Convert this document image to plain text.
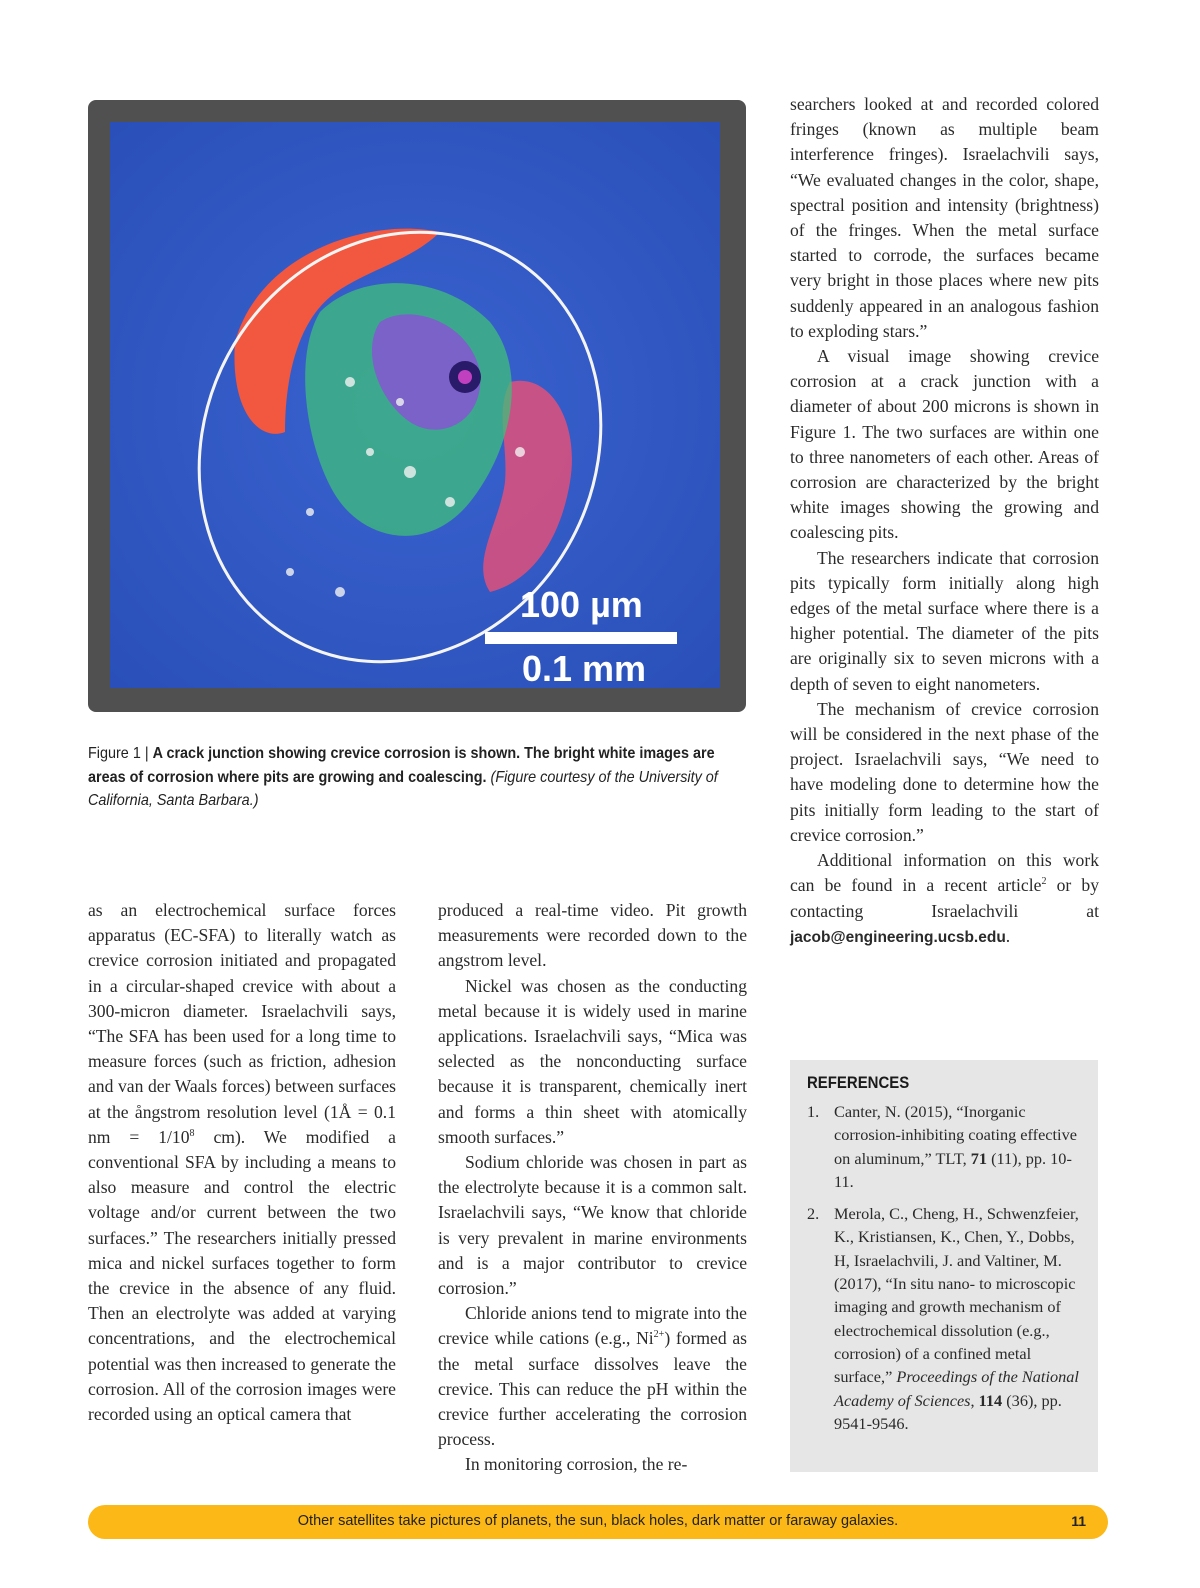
100 µm
0.1 mm
Figure 1 | A crack junction showing crevice corrosion is shown. The bright white images are areas of corrosion where pits are growing and coalescing. (Figure courtesy of the University of California, Santa Barbara.)

as an electrochemical surface forces apparatus (EC-SFA) to literally watch as crevice corrosion initiated and propagated in a circular-shaped crevice with about a 300-micron diameter. Israelachvili says, “The SFA has been used for a long time to measure forces (such as friction, adhesion and van der Waals forces) between surfaces at the ångstrom resolution level (1Å = 0.1 nm = $1/10^8$ cm). We modified a conventional SFA by including a means to also measure and control the electric voltage and/or current between the two surfaces.” The researchers initially pressed mica and nickel surfaces together to form the crevice in the absence of any fluid. Then an electrolyte was added at varying concentrations, and the electrochemical potential was then increased to generate the corrosion. All of the corrosion images were recorded using an optical camera that

produced a real-time video. Pit growth measurements were recorded down to the angstrom level.

Nickel was chosen as the conducting metal because it is widely used in marine applications. Israelachvili says, “Mica was selected as the nonconducting surface because it is transparent, chemically inert and forms a thin sheet with atomically smooth surfaces.”

Sodium chloride was chosen in part as the electrolyte because it is a common salt. Israelachvili says, “We know that chloride is very prevalent in marine environments and is a major contributor to crevice corrosion.”

Chloride anions tend to migrate into the crevice while cations (e.g., $Ni^{2+}$) formed as the metal surface dissolves leave the crevice. This can reduce the pH within the crevice further accelerating the corrosion process.

In monitoring corrosion, the re-

searchers looked at and recorded colored fringes (known as multiple beam interference fringes). Israelachvili says, “We evaluated changes in the color, shape, spectral position and intensity (brightness) of the fringes. When the metal surface started to corrode, the surfaces became very bright in those places where new pits suddenly appeared in an analogous fashion to exploding stars.”

A visual image showing crevice corrosion at a crack junction with a diameter of about 200 microns is shown in Figure 1. The two surfaces are within one to three nanometers of each other. Areas of corrosion are characterized by the bright white images showing the growing and coalescing pits.

The researchers indicate that corrosion pits typically form initially along high edges of the metal surface where there is a higher potential. The diameter of the pits are originally six to seven microns with a depth of seven to eight nanometers.

The mechanism of crevice corrosion will be considered in the next phase of the project. Israelachvili says, “We need to have modeling done to determine how the pits initially form leading to the start of crevice corrosion.”

Additional information on this work can be found in a recent article$^2$ or by contacting Israelachvili at jacob@engineering.ucsb.edu.

REFERENCES
1. Canter, N. (2015), “Inorganic corrosion-inhibiting coating effective on aluminum,” TLT, 71 (11), pp. 10-11.
2. Merola, C., Cheng, H., Schwenzfeier, K., Kristiansen, K., Chen, Y., Dobbs, H, Israelachvili, J. and Valtiner, M. (2017), “In situ nano- to microscopic imaging and growth mechanism of electrochemical dissolution (e.g., corrosion) of a confined metal surface,” Proceedings of the National Academy of Sciences, 114 (36), pp. 9541-9546.
Other satellites take pictures of planets, the sun, black holes, dark matter or faraway galaxies.	11
